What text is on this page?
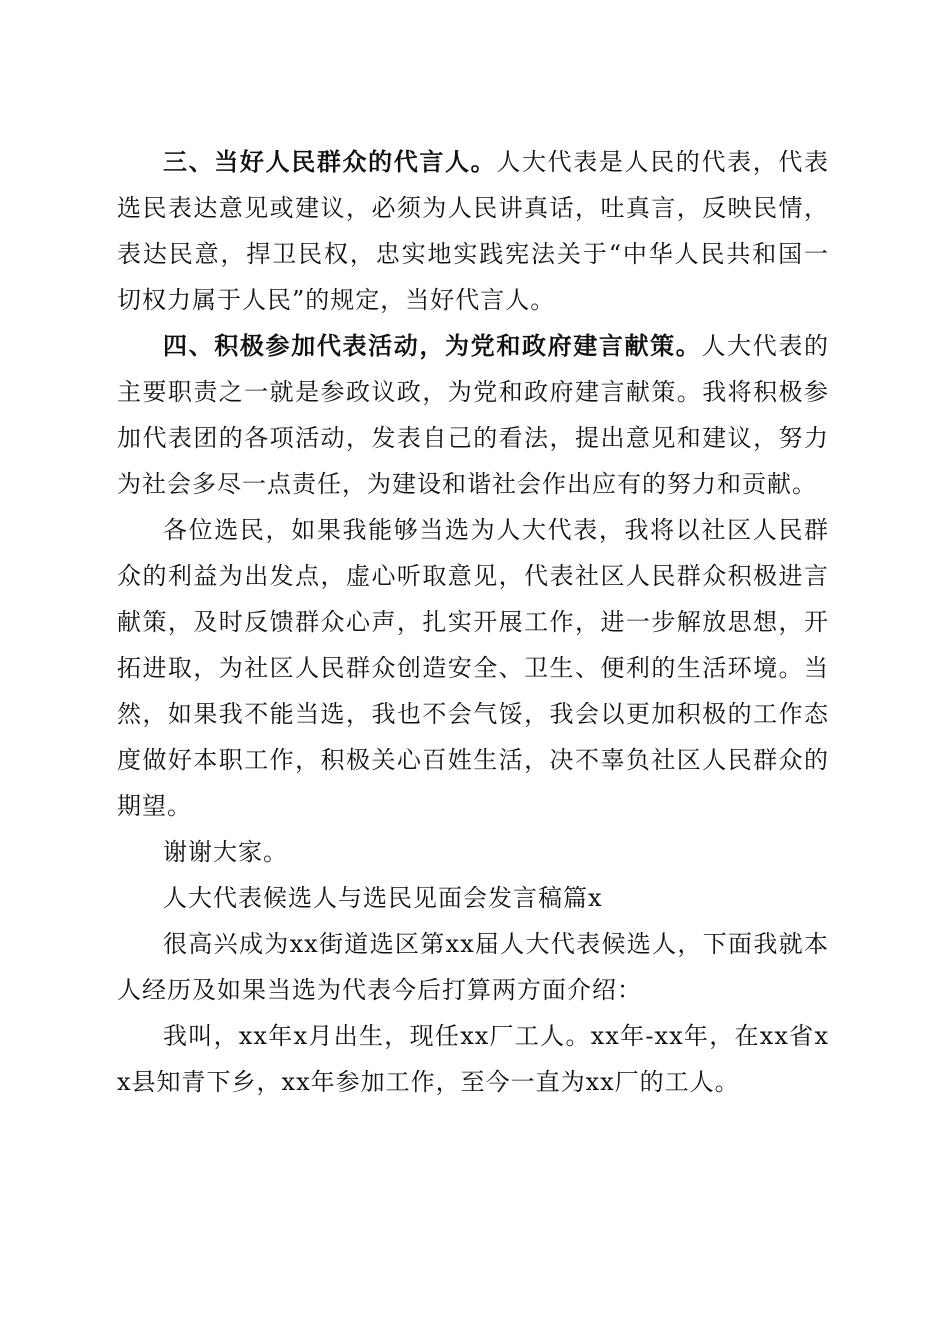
三、当好人民群众的代言人。人大代表是人民的代表，代表选民表达意见或建议，必须为人民讲真话，吐真言，反映民情，表达民意，捍卫民权，忠实地实践宪法关于“中华人民共和国一切权力属于人民”的规定，当好代言人。

四、积极参加代表活动，为党和政府建言献策。人大代表的主要职责之一就是参政议政，为党和政府建言献策。我将积极参加代表团的各项活动，发表自己的看法，提出意见和建议，努力为社会多尽一点责任，为建设和谐社会作出应有的努力和贡献。

各位选民，如果我能够当选为人大代表，我将以社区人民群众的利益为出发点，虚心听取意见，代表社区人民群众积极进言献策，及时反馈群众心声，扎实开展工作，进一步解放思想，开拓进取，为社区人民群众创造安全、卫生、便利的生活环境。当然，如果我不能当选，我也不会气馁，我会以更加积极的工作态度做好本职工作，积极关心百姓生活，决不辜负社区人民群众的期望。

谢谢大家。

人大代表候选人与选民见面会发言稿篇x

很高兴成为xx街道选区第xx届人大代表候选人，下面我就本人经历及如果当选为代表今后打算两方面介绍：

我叫，xx年x月出生，现任xx厂工人。xx年-xx年，在xx省xx县知青下乡，xx年参加工作，至今一直为xx厂的工人。
